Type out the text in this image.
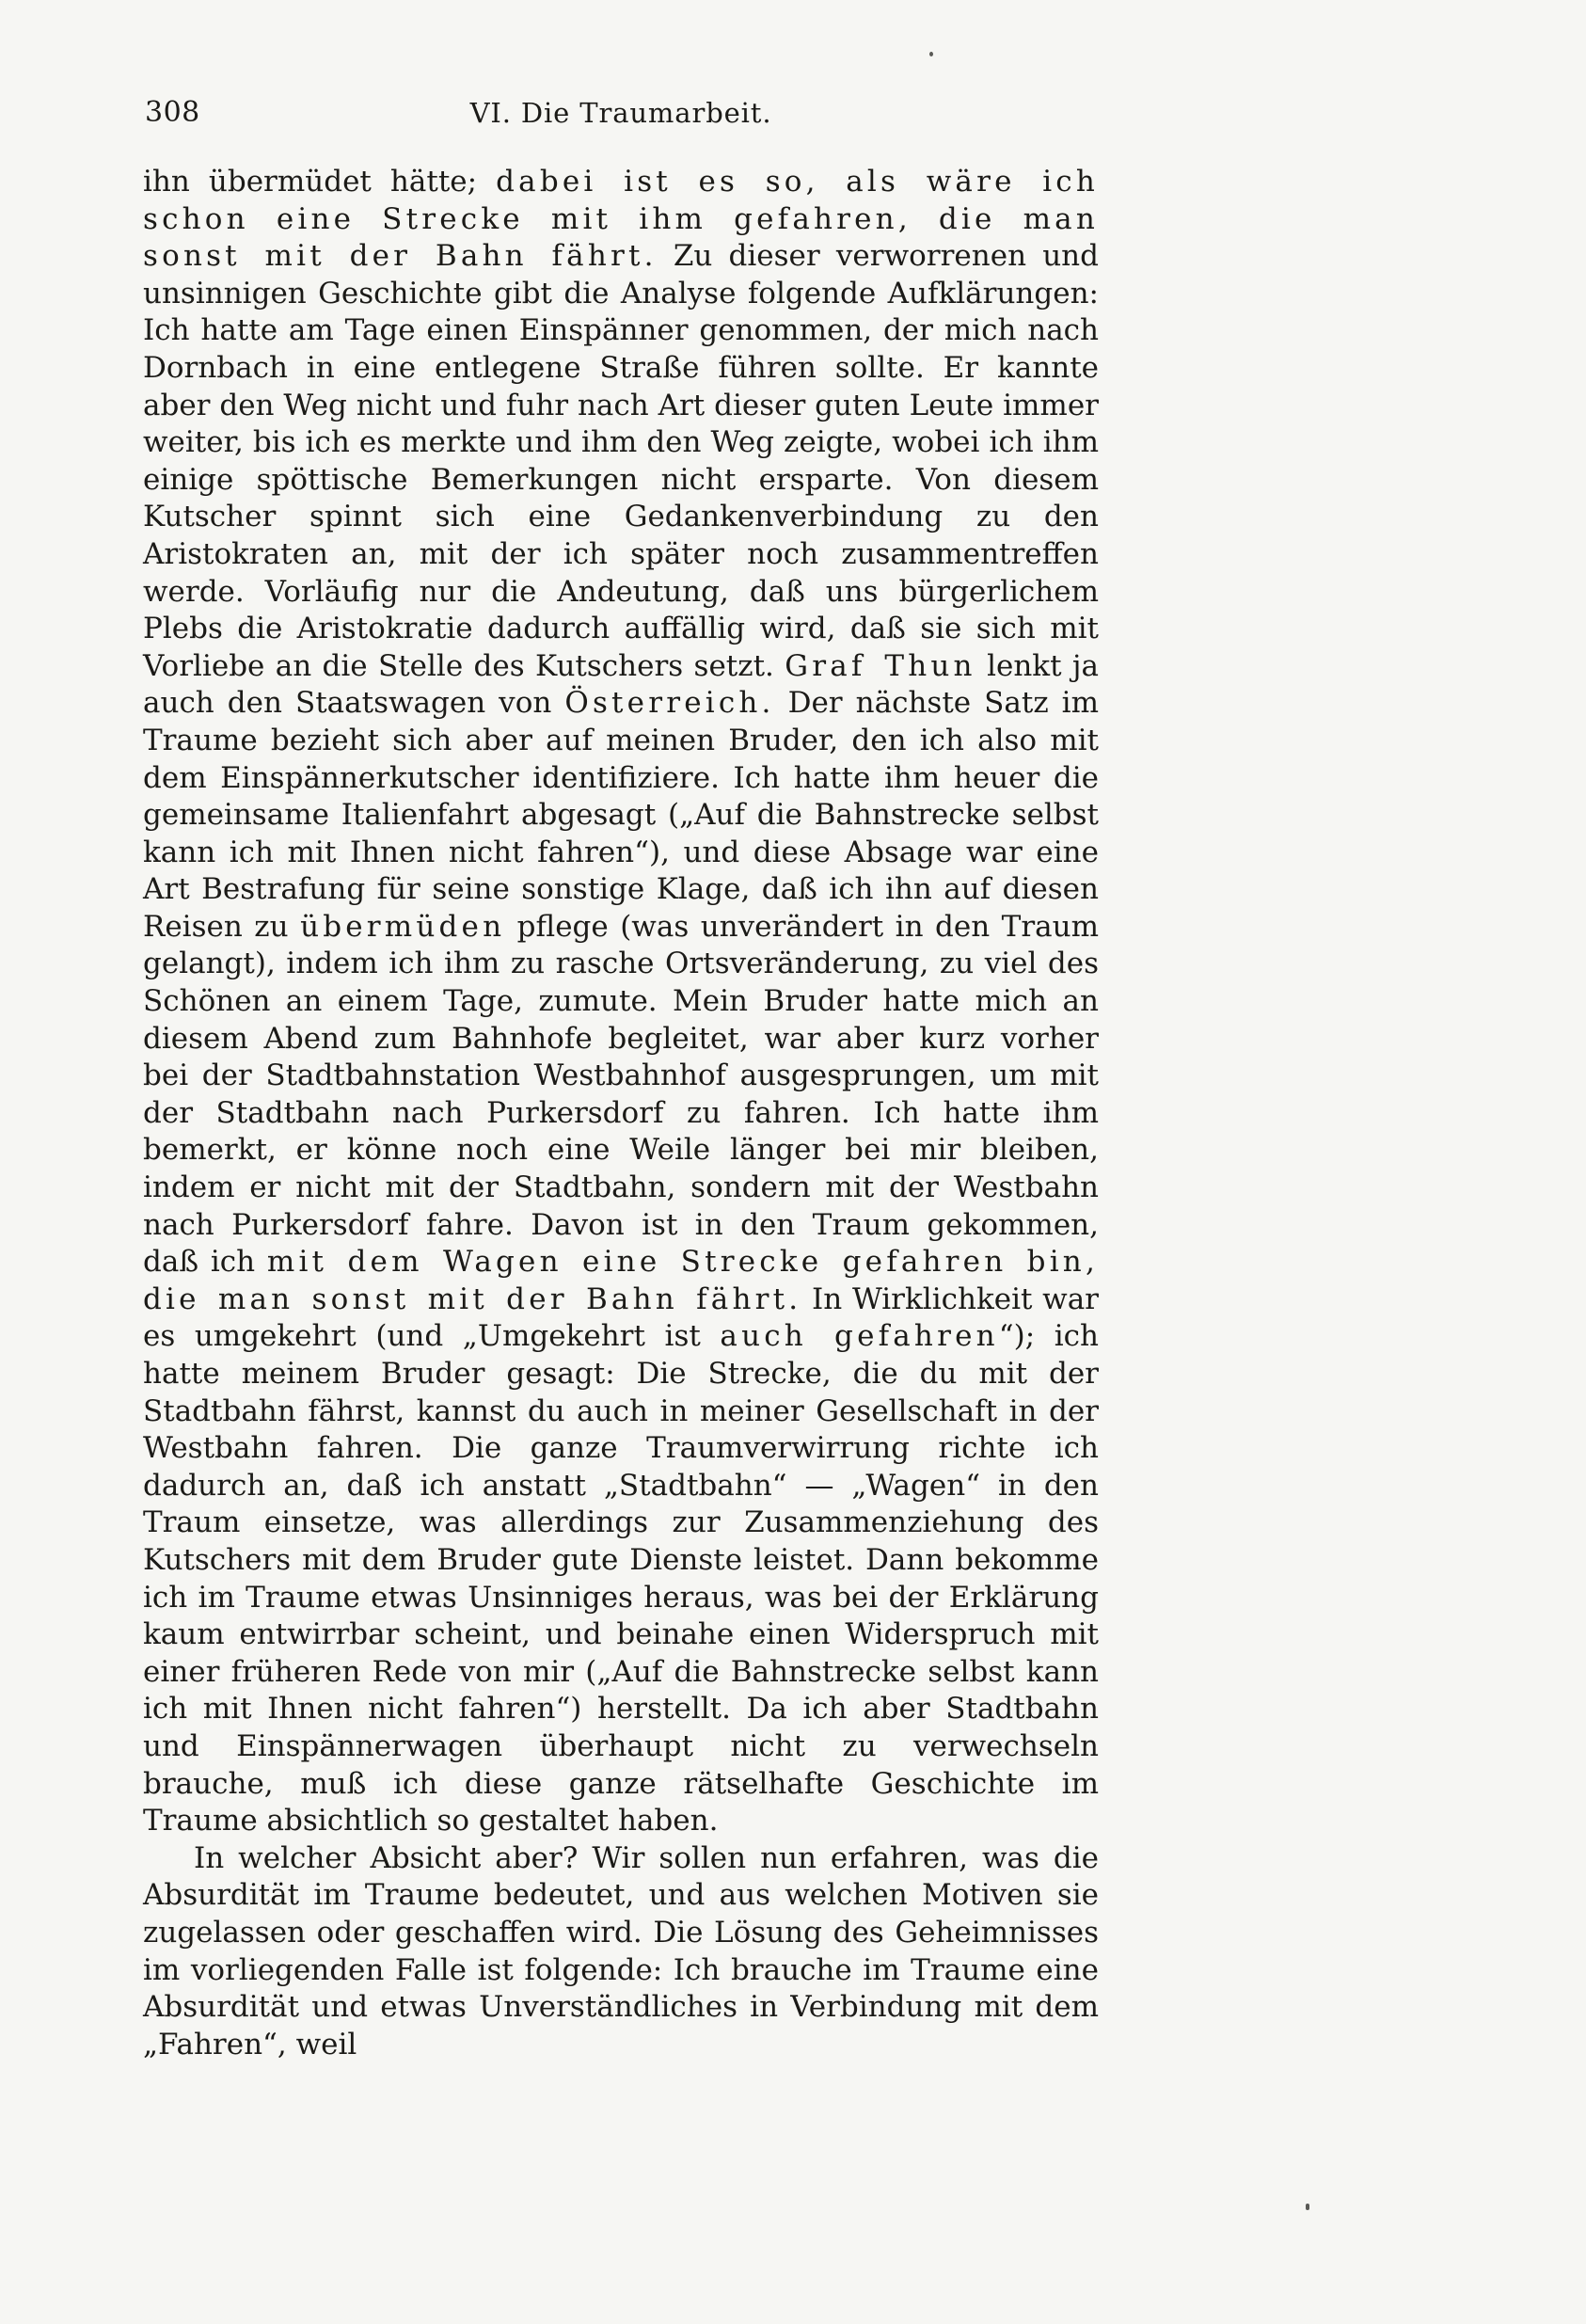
308	VI. Die Traumarbeit.

ihn übermüdet hätte; dabei ist es so, als wäre ich schon eine Strecke mit ihm gefahren, die man sonst mit der Bahn fährt. Zu dieser verworrenen und unsinnigen Geschichte gibt die Analyse folgende Aufklärungen: Ich hatte am Tage einen Einspänner genommen, der mich nach Dornbach in eine entlegene Straße führen sollte. Er kannte aber den Weg nicht und fuhr nach Art dieser guten Leute immer weiter, bis ich es merkte und ihm den Weg zeigte, wobei ich ihm einige spöttische Bemerkungen nicht ersparte. Von diesem Kutscher spinnt sich eine Gedankenverbindung zu den Aristokraten an, mit der ich später noch zusammentreffen werde. Vorläufig nur die Andeutung, daß uns bürgerlichem Plebs die Aristokratie dadurch auffällig wird, daß sie sich mit Vorliebe an die Stelle des Kutschers setzt. Graf Thun lenkt ja auch den Staatswagen von Österreich. Der nächste Satz im Traume bezieht sich aber auf meinen Bruder, den ich also mit dem Einspännerkutscher identifiziere. Ich hatte ihm heuer die gemeinsame Italienfahrt abgesagt („Auf die Bahnstrecke selbst kann ich mit Ihnen nicht fahren“), und diese Absage war eine Art Bestrafung für seine sonstige Klage, daß ich ihn auf diesen Reisen zu übermüden pflege (was unverändert in den Traum gelangt), indem ich ihm zu rasche Ortsveränderung, zu viel des Schönen an einem Tage, zumute. Mein Bruder hatte mich an diesem Abend zum Bahnhofe begleitet, war aber kurz vorher bei der Stadtbahnstation Westbahnhof ausgesprungen, um mit der Stadtbahn nach Purkersdorf zu fahren. Ich hatte ihm bemerkt, er könne noch eine Weile länger bei mir bleiben, indem er nicht mit der Stadtbahn, sondern mit der Westbahn nach Purkersdorf fahre. Davon ist in den Traum gekommen, daß ich mit dem Wagen eine Strecke gefahren bin, die man sonst mit der Bahn fährt. In Wirklichkeit war es umgekehrt (und „Umgekehrt ist auch gefahren“); ich hatte meinem Bruder gesagt: Die Strecke, die du mit der Stadtbahn fährst, kannst du auch in meiner Gesellschaft in der Westbahn fahren. Die ganze Traumverwirrung richte ich dadurch an, daß ich anstatt „Stadtbahn“ — „Wagen“ in den Traum einsetze, was allerdings zur Zusammenziehung des Kutschers mit dem Bruder gute Dienste leistet. Dann bekomme ich im Traume etwas Unsinniges heraus, was bei der Erklärung kaum entwirrbar scheint, und beinahe einen Widerspruch mit einer früheren Rede von mir („Auf die Bahnstrecke selbst kann ich mit Ihnen nicht fahren“) herstellt. Da ich aber Stadtbahn und Einspännerwagen überhaupt nicht zu verwechseln brauche, muß ich diese ganze rätselhafte Geschichte im Traume absichtlich so gestaltet haben.

In welcher Absicht aber? Wir sollen nun erfahren, was die Absurdität im Traume bedeutet, und aus welchen Motiven sie zugelassen oder geschaffen wird. Die Lösung des Geheimnisses im vorliegenden Falle ist folgende: Ich brauche im Traume eine Absurdität und etwas Unverständliches in Verbindung mit dem „Fahren“, weil
